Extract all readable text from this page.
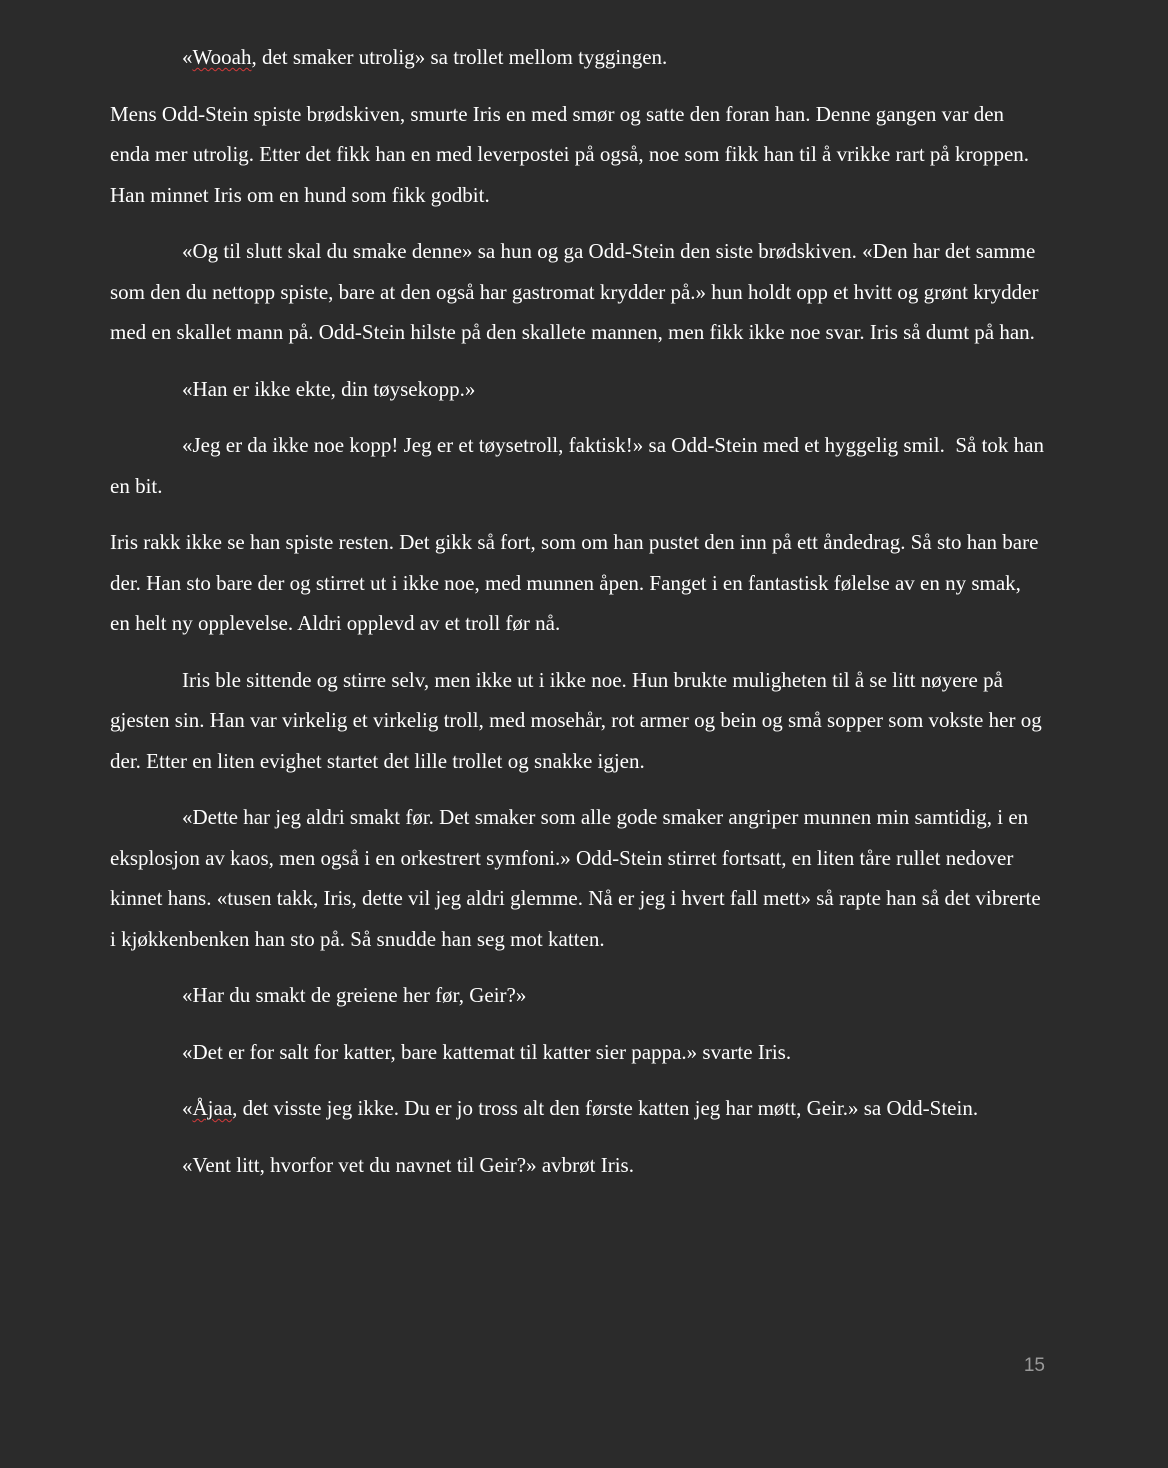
«Wooah, det smaker utrolig» sa trollet mellom tyggingen.

Mens Odd-Stein spiste brødskiven, smurte Iris en med smør og satte den foran han. Denne gangen var den enda mer utrolig. Etter det fikk han en med leverpostei på også, noe som fikk han til å vrikke rart på kroppen. Han minnet Iris om en hund som fikk godbit.

«Og til slutt skal du smake denne» sa hun og ga Odd-Stein den siste brødskiven. «Den har det samme som den du nettopp spiste, bare at den også har gastromat krydder på.» hun holdt opp et hvitt og grønt krydder med en skallet mann på. Odd-Stein hilste på den skallete mannen, men fikk ikke noe svar. Iris så dumt på han.

«Han er ikke ekte, din tøysekopp.»

«Jeg er da ikke noe kopp! Jeg er et tøysetroll, faktisk!» sa Odd-Stein med et hyggelig smil.  Så tok han en bit.

Iris rakk ikke se han spiste resten. Det gikk så fort, som om han pustet den inn på ett åndedrag. Så sto han bare der. Han sto bare der og stirret ut i ikke noe, med munnen åpen. Fanget i en fantastisk følelse av en ny smak, en helt ny opplevelse. Aldri opplevd av et troll før nå.

Iris ble sittende og stirre selv, men ikke ut i ikke noe. Hun brukte muligheten til å se litt nøyere på gjesten sin. Han var virkelig et virkelig troll, med mosehår, rot armer og bein og små sopper som vokste her og der. Etter en liten evighet startet det lille trollet og snakke igjen.

«Dette har jeg aldri smakt før. Det smaker som alle gode smaker angriper munnen min samtidig, i en eksplosjon av kaos, men også i en orkestrert symfoni.» Odd-Stein stirret fortsatt, en liten tåre rullet nedover kinnet hans. «tusen takk, Iris, dette vil jeg aldri glemme. Nå er jeg i hvert fall mett» så rapte han så det vibrerte i kjøkkenbenken han sto på. Så snudde han seg mot katten.

«Har du smakt de greiene her før, Geir?»

«Det er for salt for katter, bare kattemat til katter sier pappa.» svarte Iris.

«Åjaa, det visste jeg ikke. Du er jo tross alt den første katten jeg har møtt, Geir.» sa Odd-Stein.

«Vent litt, hvorfor vet du navnet til Geir?» avbrøt Iris.

15
